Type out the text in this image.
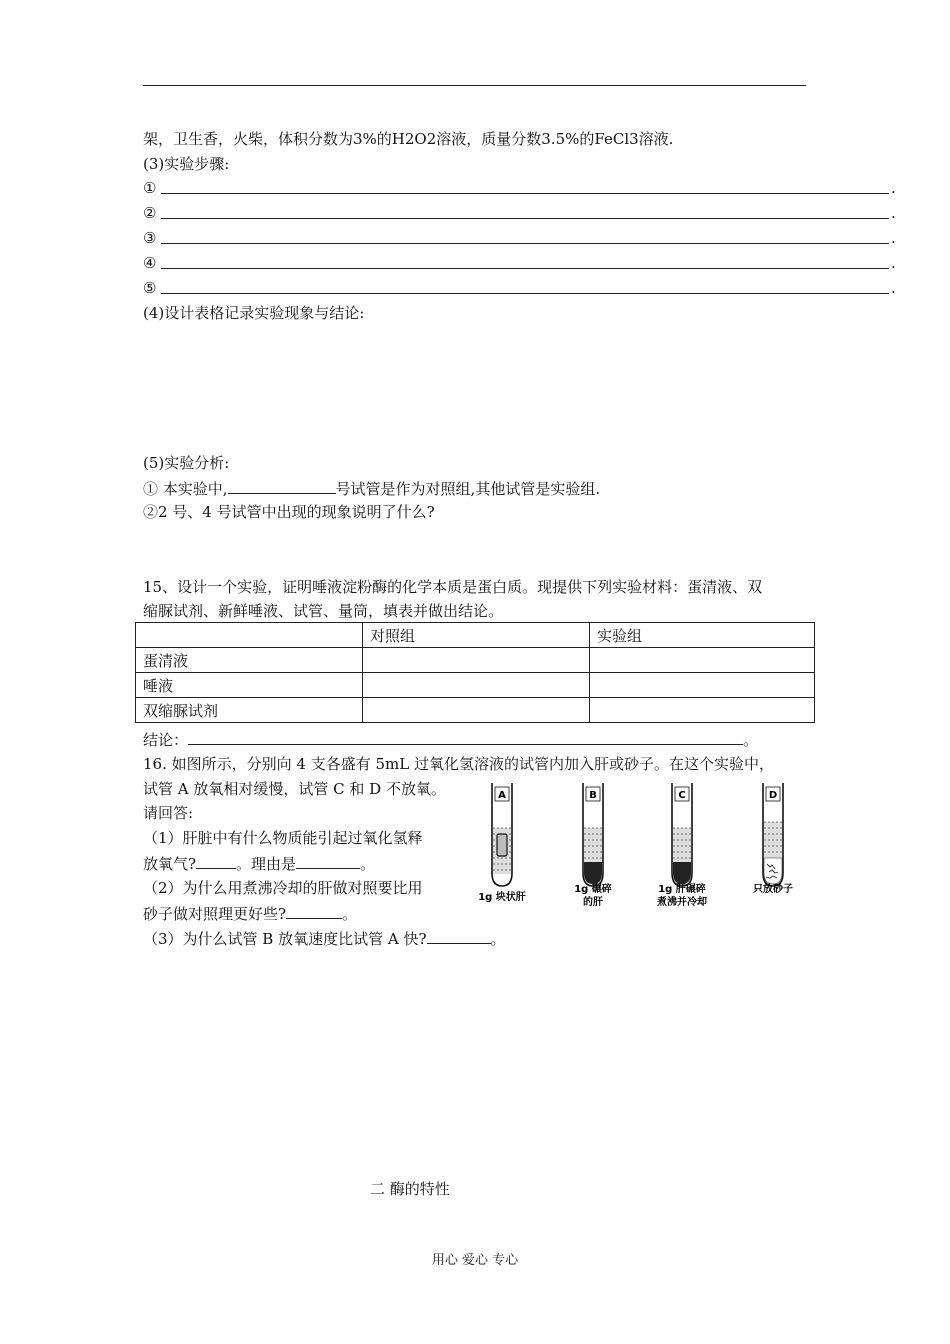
架，卫生香，火柴，体积分数为3%的H2O2溶液，质量分数3.5%的FeCl3溶液.
(3)实验步骤:
①	.
②	.
③	.
④	.
⑤	.
(4)设计表格记录实验现象与结论:
(5)实验分析:
① 本实验中,	号试管是作为对照组,其他试管是实验组.
②2 号、4 号试管中出现的现象说明了什么?
15、设计一个实验，证明唾液淀粉酶的化学本质是蛋白质。现提供下列实验材料：蛋清液、双
缩脲试剂、新鲜唾液、试管、量筒，填表并做出结论。
	对照组	实验组
蛋清液		
唾液		
双缩脲试剂		
结论：	。
16. 如图所示，分别向 4 支各盛有 5mL 过氧化氢溶液的试管内加入肝或砂子。在这个实验中，
试管 A 放氧相对缓慢，试管 C 和 D 不放氧。
请回答:
（1）肝脏中有什么物质能引起过氧化氢释
放氧气?	。理由是	。
（2）为什么用煮沸冷却的肝做对照要比用
砂子做对照理更好些?	。
（3）为什么试管 B 放氧速度比试管 A 快?	。
A
1g 块状肝
B
1g 碾碎
的肝
C
1g 肝碾碎
煮沸并冷却
D
只放砂子
二 酶的特性
用心 爱心 专心
